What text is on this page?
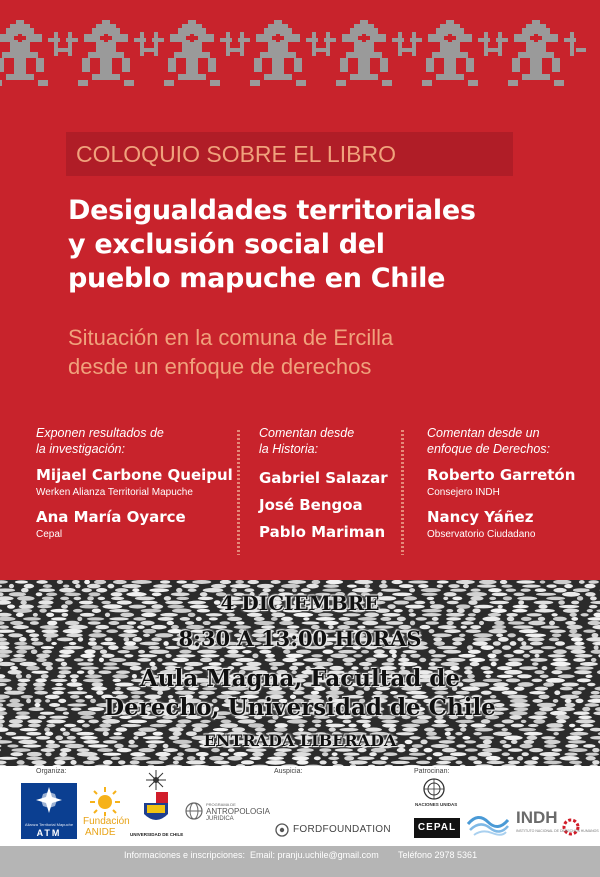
COLOQUIO SOBRE EL LIBRO
Desigualdades territoriales
y exclusión social del
pueblo mapuche en Chile
Situación en la comuna de Ercilla
desde un enfoque de derechos
Exponen resultados de
la investigación:
Mijael Carbone Queipul
Werken Alianza Territorial Mapuche
Ana María Oyarce
Cepal
Comentan desde
la Historia:
Gabriel Salazar
José Bengoa
Pablo Mariman
Comentan desde un
enfoque de Derechos:
Roberto Garretón
Consejero INDH
Nancy Yáñez
Observatorio Ciudadano
4 DICIEMBRE
8:30 A 13:00 HORAS
Aula Magna, Facultad de
Derecho, Universidad de Chile
ENTRADA LIBERADA
Organiza:	Auspicia:	Patrocinan:
Alianza Territorial Mapuche
ATM
Fundación
ANIDE	UNIVERSIDAD DE CHILE
PROGRAMA DE
ANTROPOLOGIA
JURIDICA
FORDFOUNDATION
NACIONES UNIDAS
CEPAL
INDH
INSTITUTO NACIONAL DE DERECHOS HUMANOS
Informaciones e inscripciones: Email: pranju.uchile@gmail.com Teléfono 2978 5361
